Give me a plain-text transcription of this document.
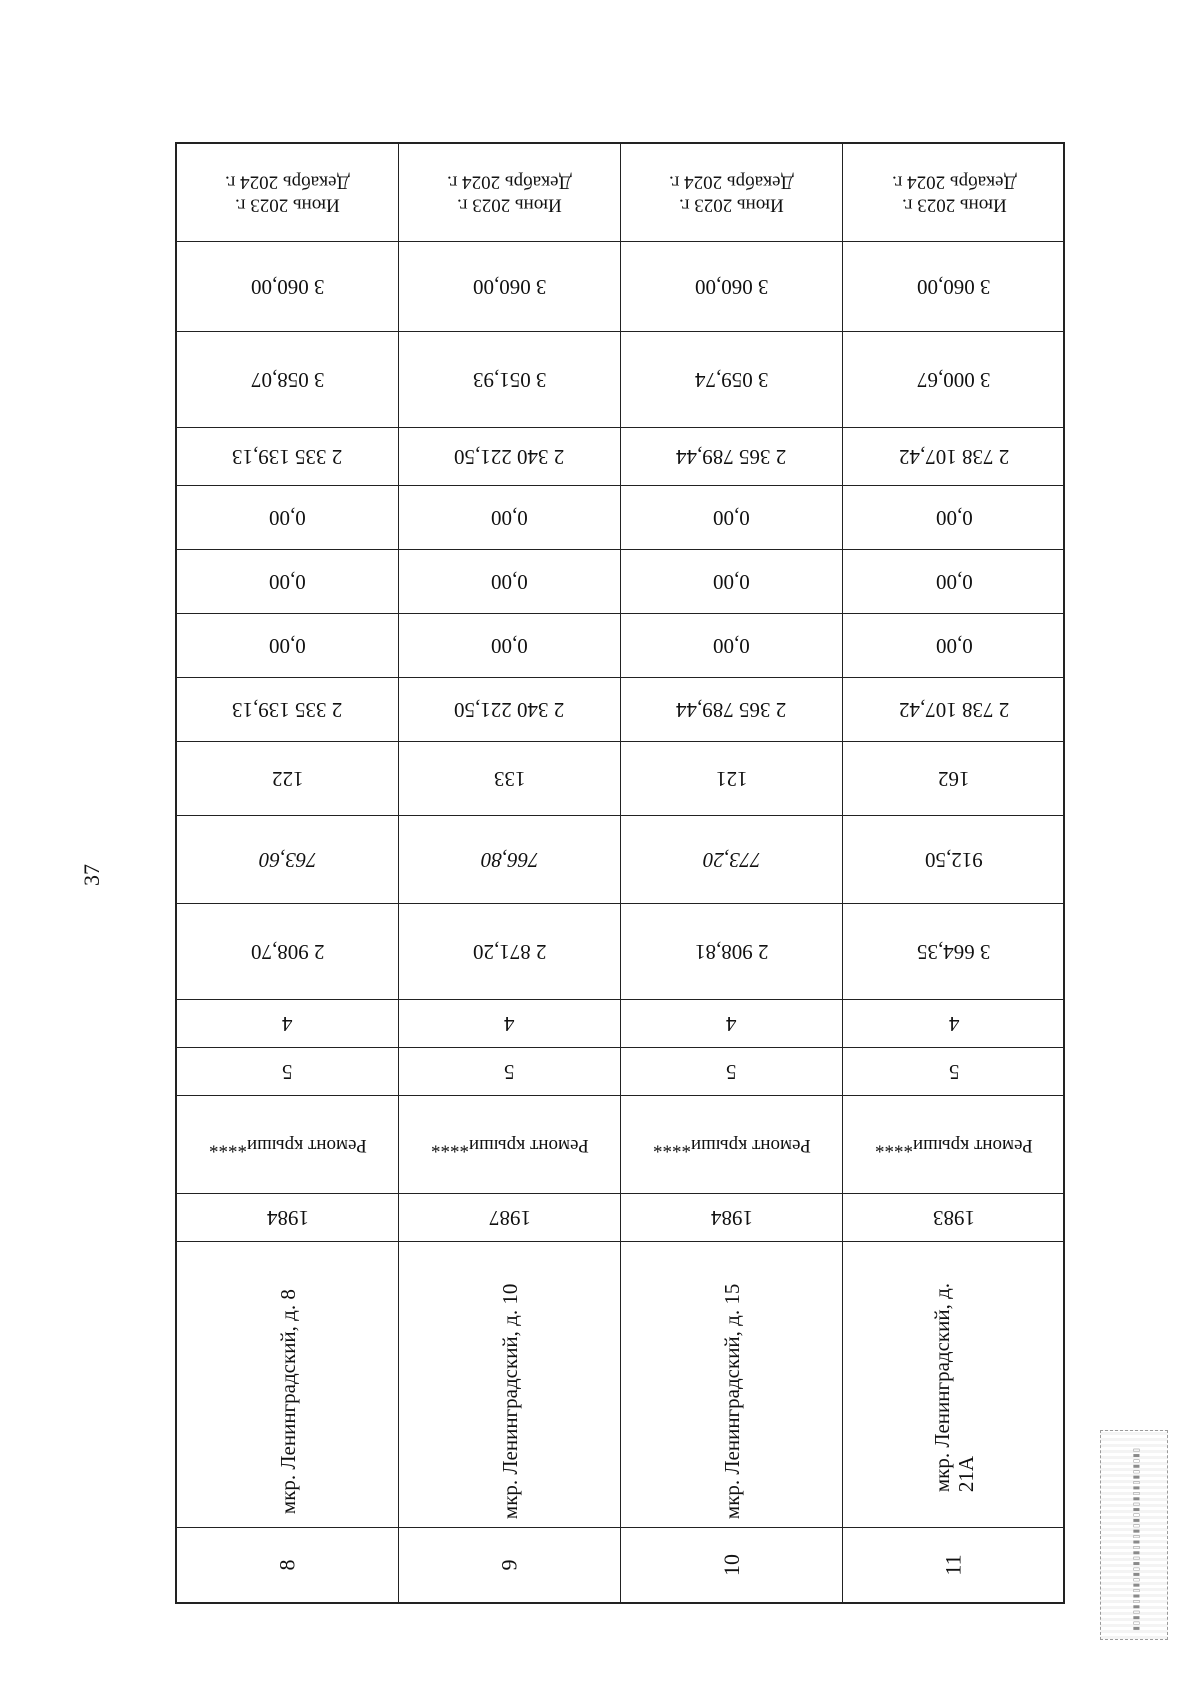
37
Июнь 2023 г.
Декабрь 2024 г.
3 060,00
3 058,07
2 335 139,13
0,00
0,00
0,00
2 335 139,13
122
763,60
2 908,70
4
5
Ремонт крыши****
1984
мкр. Ленинградский, д. 8
8
Июнь 2023 г.
Декабрь 2024 г.
3 060,00
3 051,93
2 340 221,50
0,00
0,00
0,00
2 340 221,50
133
766,80
2 871,20
4
5
Ремонт крыши****
1987
мкр. Ленинградский, д. 10
9
Июнь 2023 г.
Декабрь 2024 г.
3 060,00
3 059,74
2 365 789,44
0,00
0,00
0,00
2 365 789,44
121
773,20
2 908,81
4
5
Ремонт крыши****
1984
мкр. Ленинградский, д. 15
10
Июнь 2023 г.
Декабрь 2024 г.
3 060,00
3 000,67
2 738 107,42
0,00
0,00
0,00
2 738 107,42
162
912,50
3 664,35
4
5
Ремонт крыши****
1983
мкр. Ленинградский, д. 21А
11	▮▯▮▯▮▯▮▯▮▯▮▯▮▯▮▯▮▯▮▯▮▯▮▯▮▯▮▯▮▯▮▯▮▯
